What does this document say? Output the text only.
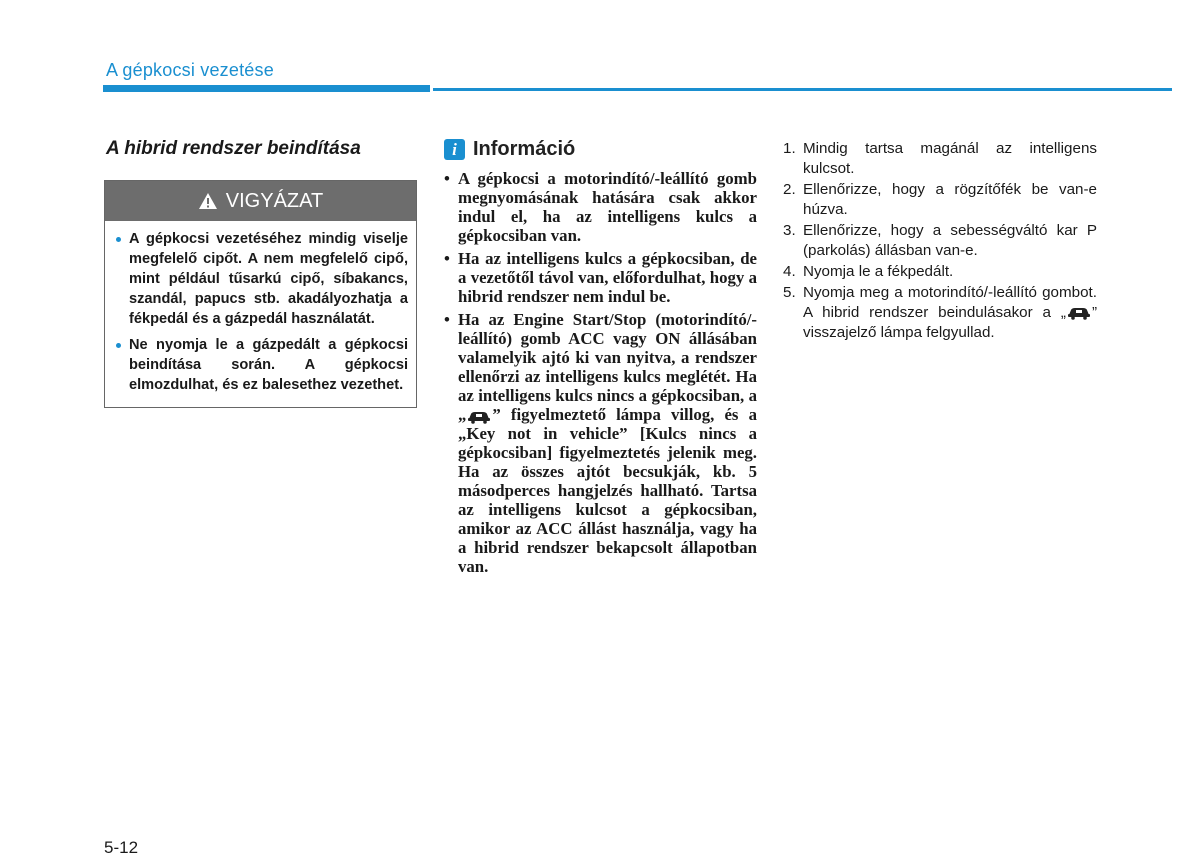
A gépkocsi vezetése
A hibrid rendszer beindítása
VIGYÁZAT
A gépkocsi vezetéséhez mindig viselje megfelelő cipőt. A nem megfelelő cipő, mint például tűsarkú cipő, síbakancs, szandál, papucs stb. akadályozhatja a fékpedál és a gázpedál használatát.
Ne nyomja le a gázpedált a gépkocsi beindítása során. A gépkocsi elmozdulhat, és ez balesethez vezethet.
i Információ
• A gépkocsi a motorindító/-leállító gomb megnyomásának hatására csak akkor indul el, ha az intelligens kulcs a gépkocsiban van.
• Ha az intelligens kulcs a gépkocsiban, de a vezetőtől távol van, előfordulhat, hogy a hibrid rendszer nem indul be.
• Ha az Engine Start/Stop (motorindító/-leállító) gomb ACC vagy ON állásában valamelyik ajtó ki van nyitva, a rendszer ellenőrzi az intelligens kulcs meglétét. Ha az intelligens kulcs nincs a gépkocsiban, a „ ” figyelmeztető lámpa villog, és a „Key not in vehicle” [Kulcs nincs a gépkocsiban] figyelmeztetés jelenik meg. Ha az összes ajtót becsukják, kb. 5 másodperces hangjelzés hallható. Tartsa az intelligens kulcsot a gépkocsiban, amikor az ACC állást használja, vagy ha a hibrid rendszer bekapcsolt állapotban van.
1. Mindig tartsa magánál az intelligens kulcsot.
2. Ellenőrizze, hogy a rögzítőfék be van-e húzva.
3. Ellenőrizze, hogy a sebességváltó kar P (parkolás) állásban van-e.
4. Nyomja le a fékpedált.
5. Nyomja meg a motorindító/-leállító gombot. A hibrid rendszer beindulásakor a „ ” visszajelző lámpa felgyullad.
5-12
